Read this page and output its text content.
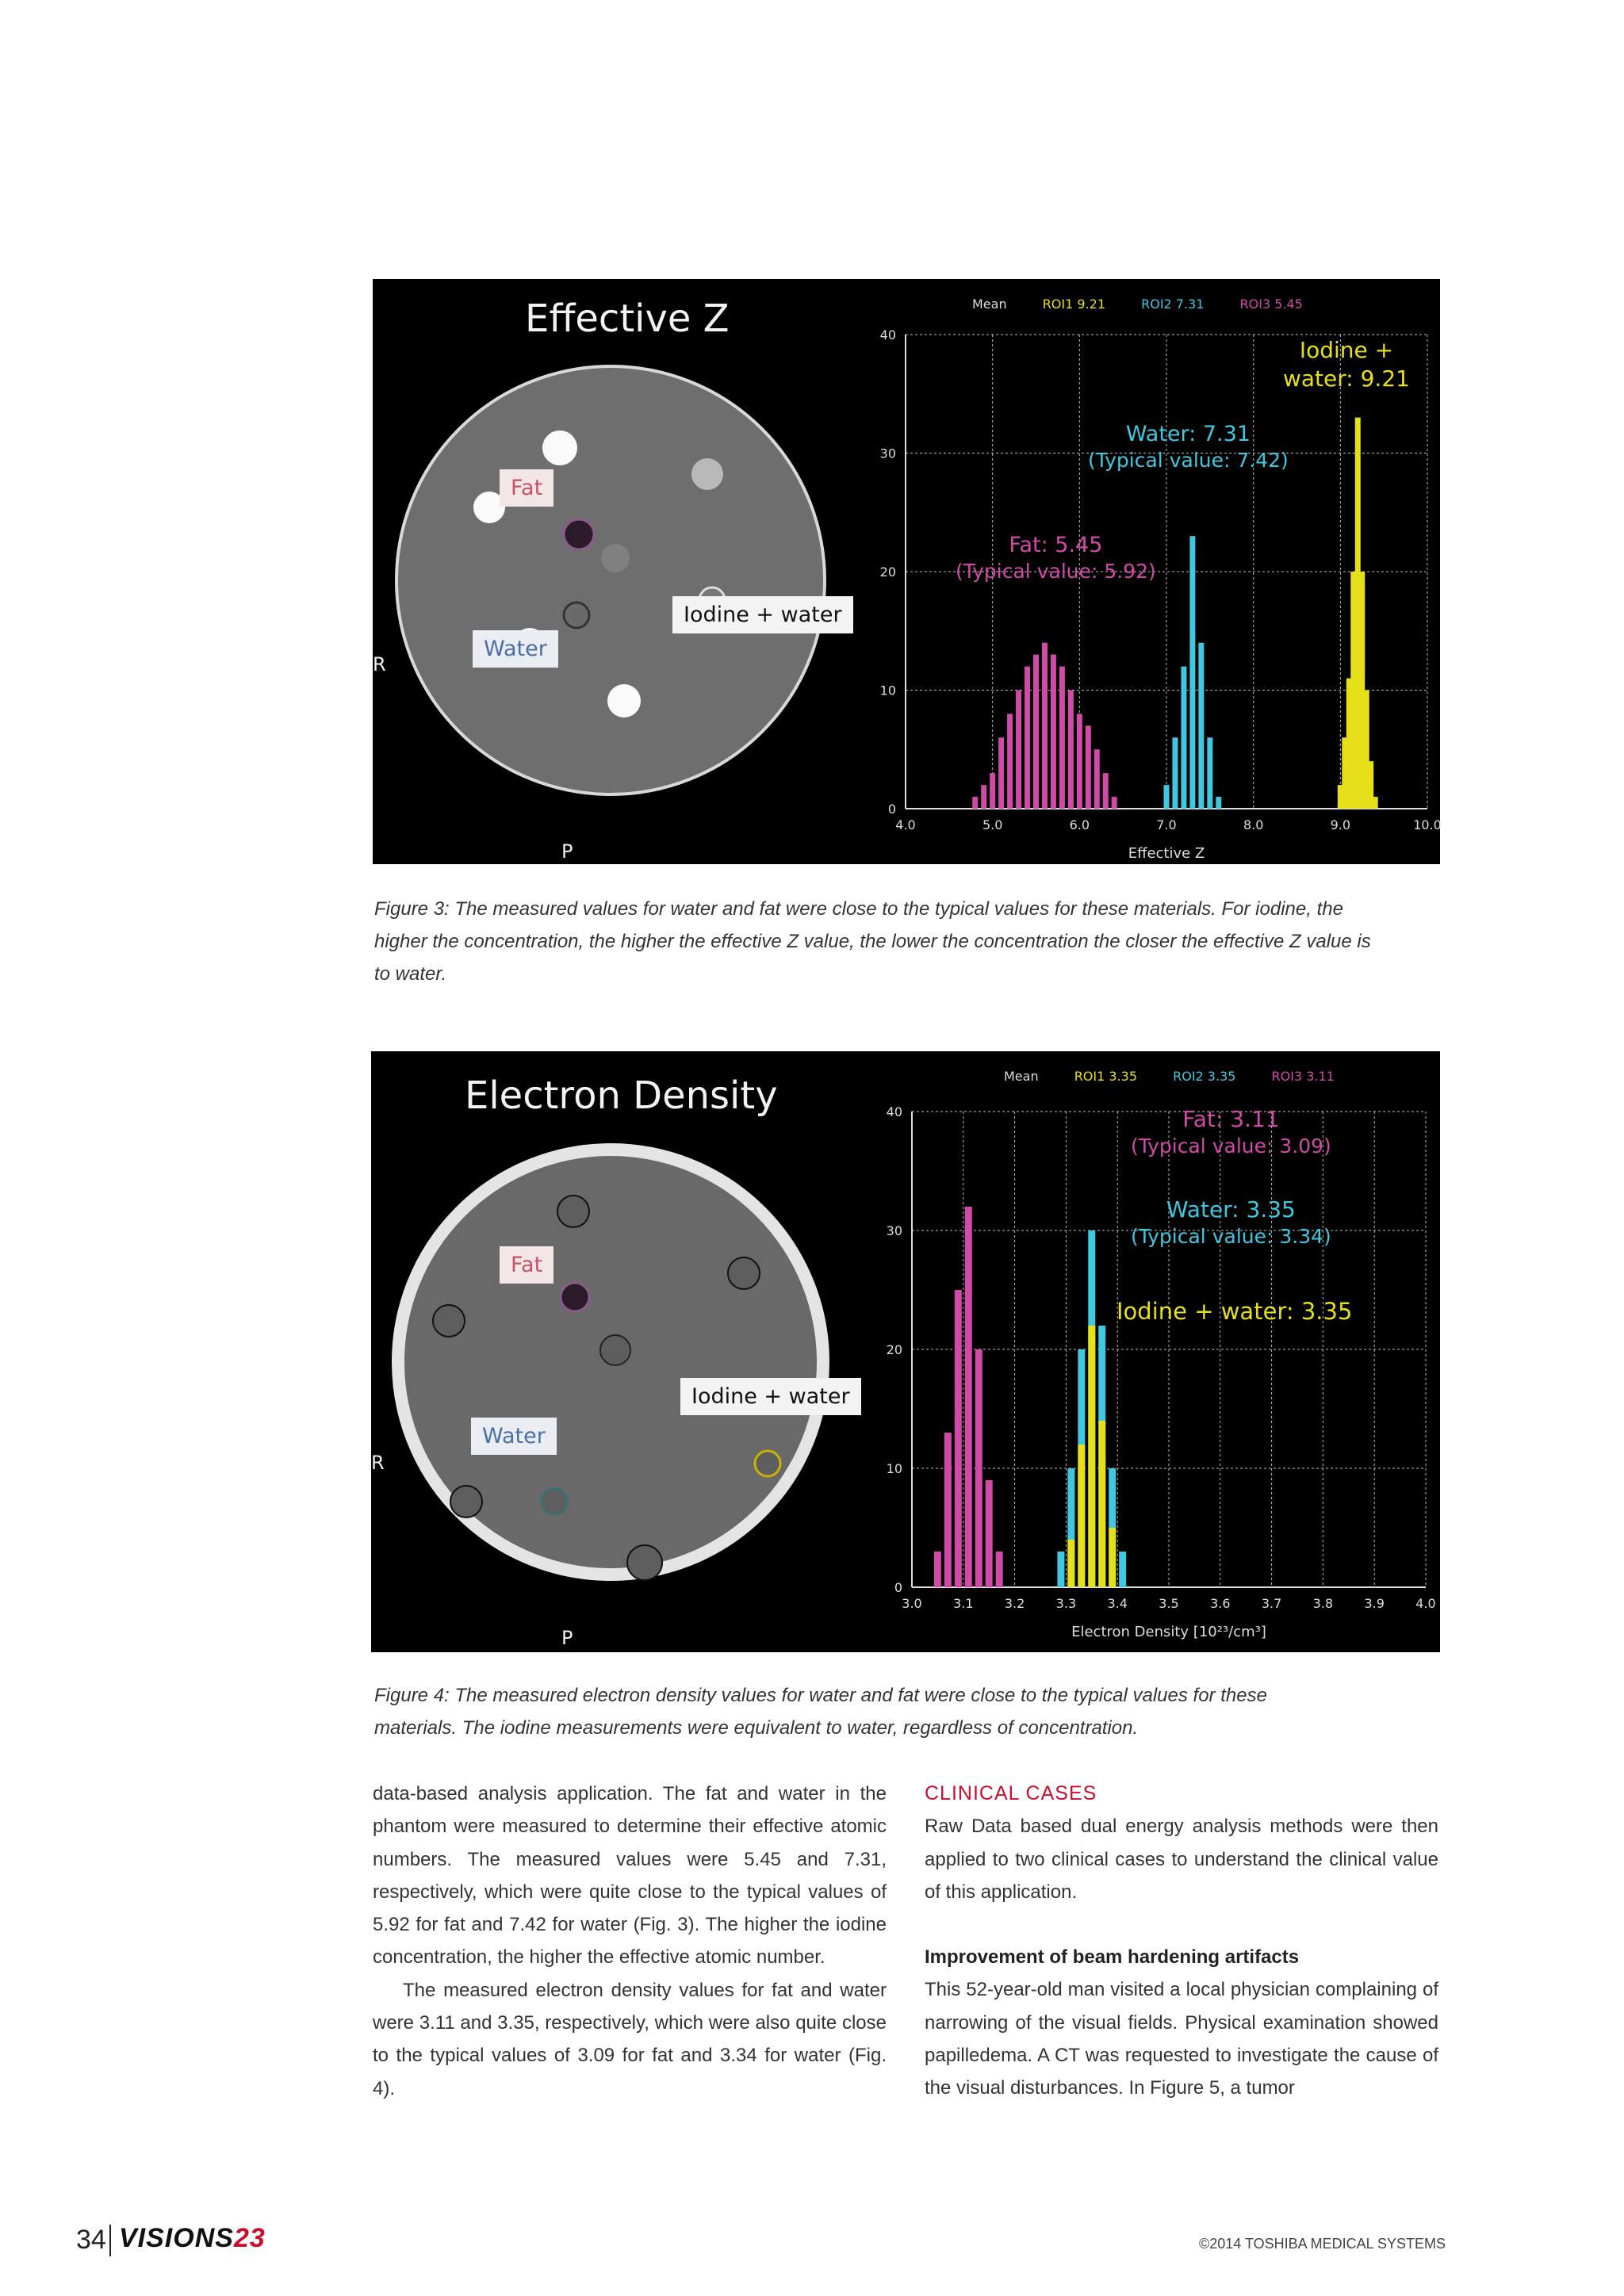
Effective Z
Fat
Water
Iodine + water
R
P
Mean	ROI1 9.21	ROI2 7.31	ROI3 5.45
4.0	5.0	6.0	7.0	8.0	9.0	10.0
0
10
20
30
40
Effective Z
Iodine +
water: 9.21
Water: 7.31
(Typical value: 7.42)
Fat: 5.45
(Typical value: 5.92)
Figure 3: The measured values for water and fat were close to the typical values for these materials. For iodine, the higher the concentration, the higher the effective Z value, the lower the concentration the closer the effective Z value is to water.
Electron Density
Fat
Water
Iodine + water
R
P
Mean	ROI1 3.35	ROI2 3.35	ROI3 3.11
3.0 3.1 3.2 3.3 3.4 3.5 3.6 3.7 3.8 3.9 4.0
0
10
20
30
40
Electron Density [10²³/cm³]
Fat: 3.11
(Typical value: 3.09)
Water: 3.35
(Typical value: 3.34)
Iodine + water: 3.35
Figure 4: The measured electron density values for water and fat were close to the typical values for these materials. The iodine measurements were equivalent to water, regardless of concentration.
data-based analysis application. The fat and water in the phantom were measured to determine their effective atomic numbers. The measured values were 5.45 and 7.31, respectively, which were quite close to the typical values of 5.92 for fat and 7.42 for water (Fig. 3). The higher the iodine concentration, the higher the effective atomic number.
The measured electron density values for fat and water were 3.11 and 3.35, respectively, which were also quite close to the typical values of 3.09 for fat and 3.34 for water (Fig. 4).
CLINICAL CASES
Raw Data based dual energy analysis methods were then applied to two clinical cases to understand the clinical value of this application.
Improvement of beam hardening artifacts
This 52-year-old man visited a local physician complaining of narrowing of the visual fields. Physical examination showed papilledema. A CT was requested to investigate the cause of the visual disturbances. In Figure 5, a tumor
34 VISIONS23	©2014 TOSHIBA MEDICAL SYSTEMS
